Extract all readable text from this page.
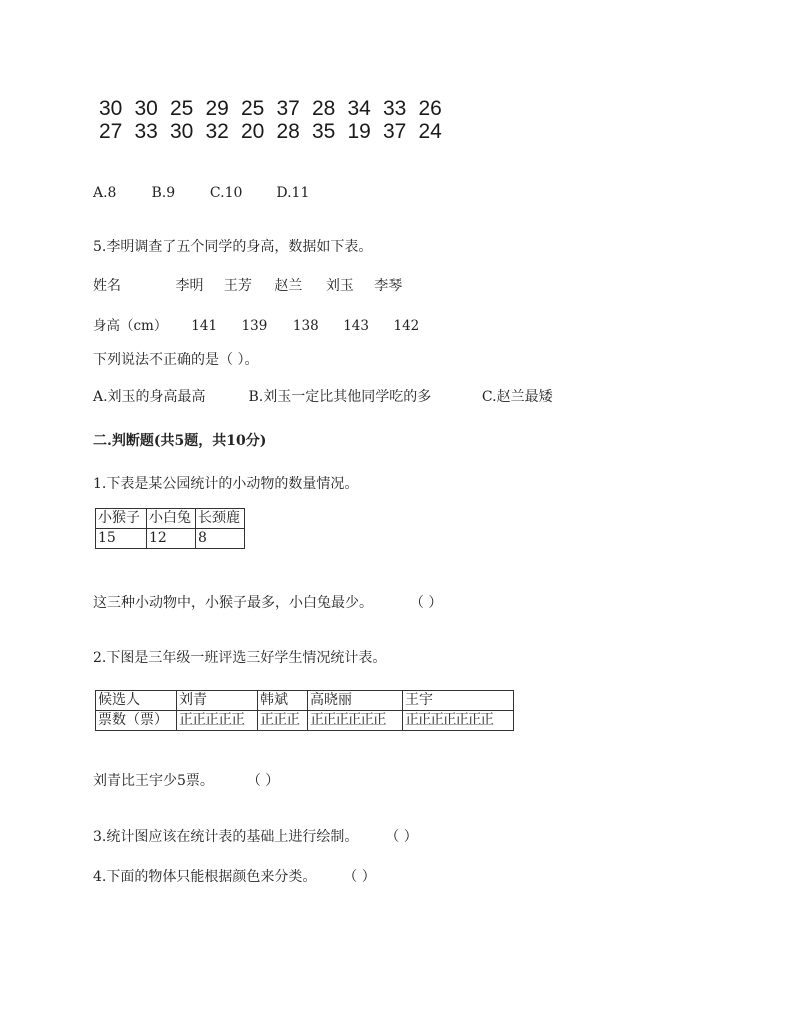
30 30 25 29 25 37 28 34 33 26
27 33 30 32 20 28 35 19 37 24
A.8 B.9 C.10 D.11
5.李明调查了五个同学的身高，数据如下表。
姓名	李明 王芳 赵兰 刘玉 李琴
身高（cm） 141 139 138 143 142
下列说法不正确的是（ ）。
A.刘玉的身高最高	B.刘玉一定比其他同学吃的多	C.赵兰最矮
二.判断题(共5题，共10分)
1.下表是某公园统计的小动物的数量情况。
小猴子	小白兔	长颈鹿
15	12	8
这三种小动物中，小猴子最多，小白兔最少。	（ ）
2.下图是三年级一班评选三好学生情况统计表。
候选人	刘青	韩斌	高晓丽	王宇
票数（票）	正正正正正	正正正	正正正正正正	正正正正正正正
刘青比王宇少5票。 （ ）
3.统计图应该在统计表的基础上进行绘制。 （ ）
4.下面的物体只能根据颜色来分类。 （ ）
